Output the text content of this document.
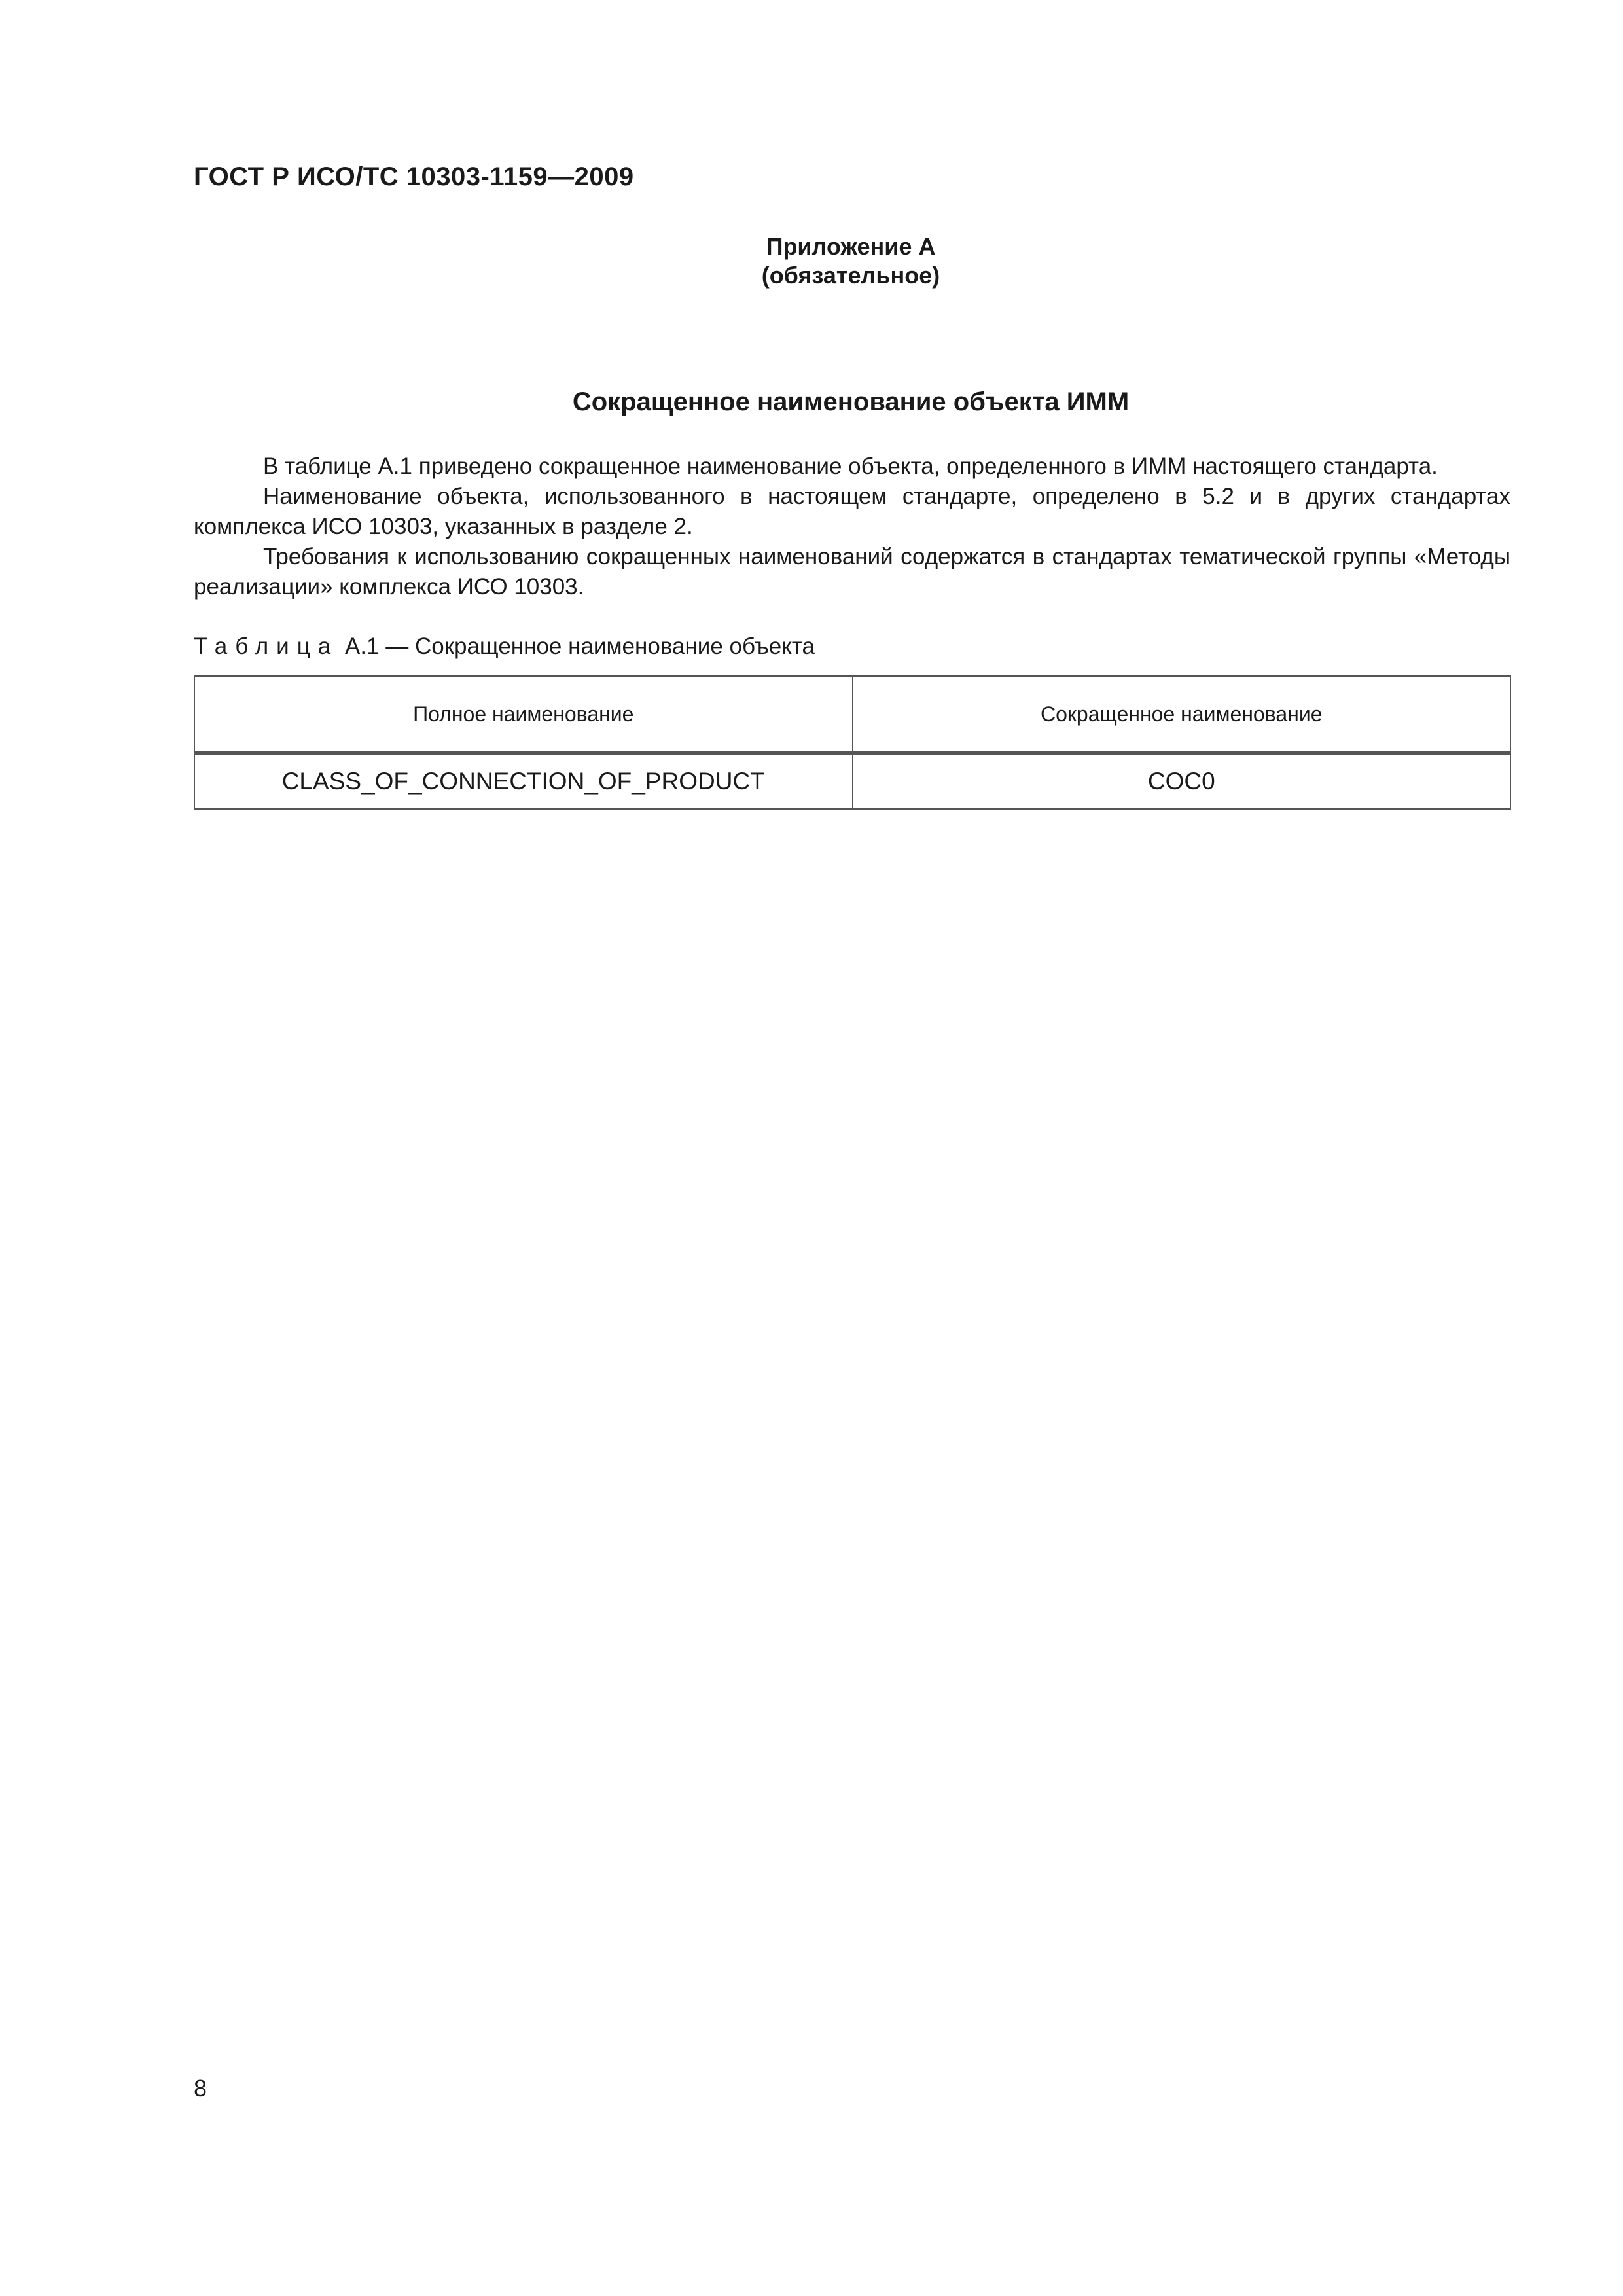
ГОСТ Р ИСО/ТС 10303-1159—2009
Приложение А
(обязательное)
Сокращенное наименование объекта ИММ

В таблице А.1 приведено сокращенное наименование объекта, определенного в ИММ настоящего стандарта.

Наименование объекта, использованного в настоящем стандарте, определено в 5.2 и в других стандартах комплекса ИСО 10303, указанных в разделе 2.

Требования к использованию сокращенных наименований содержатся в стандартах тематической группы «Методы реализации» комплекса ИСО 10303.

Таблица А.1 — Сокращенное наименование объекта
Полное наименование	Сокращенное наименование
CLASS_OF_CONNECTION_OF_PRODUCT	COC0
8
